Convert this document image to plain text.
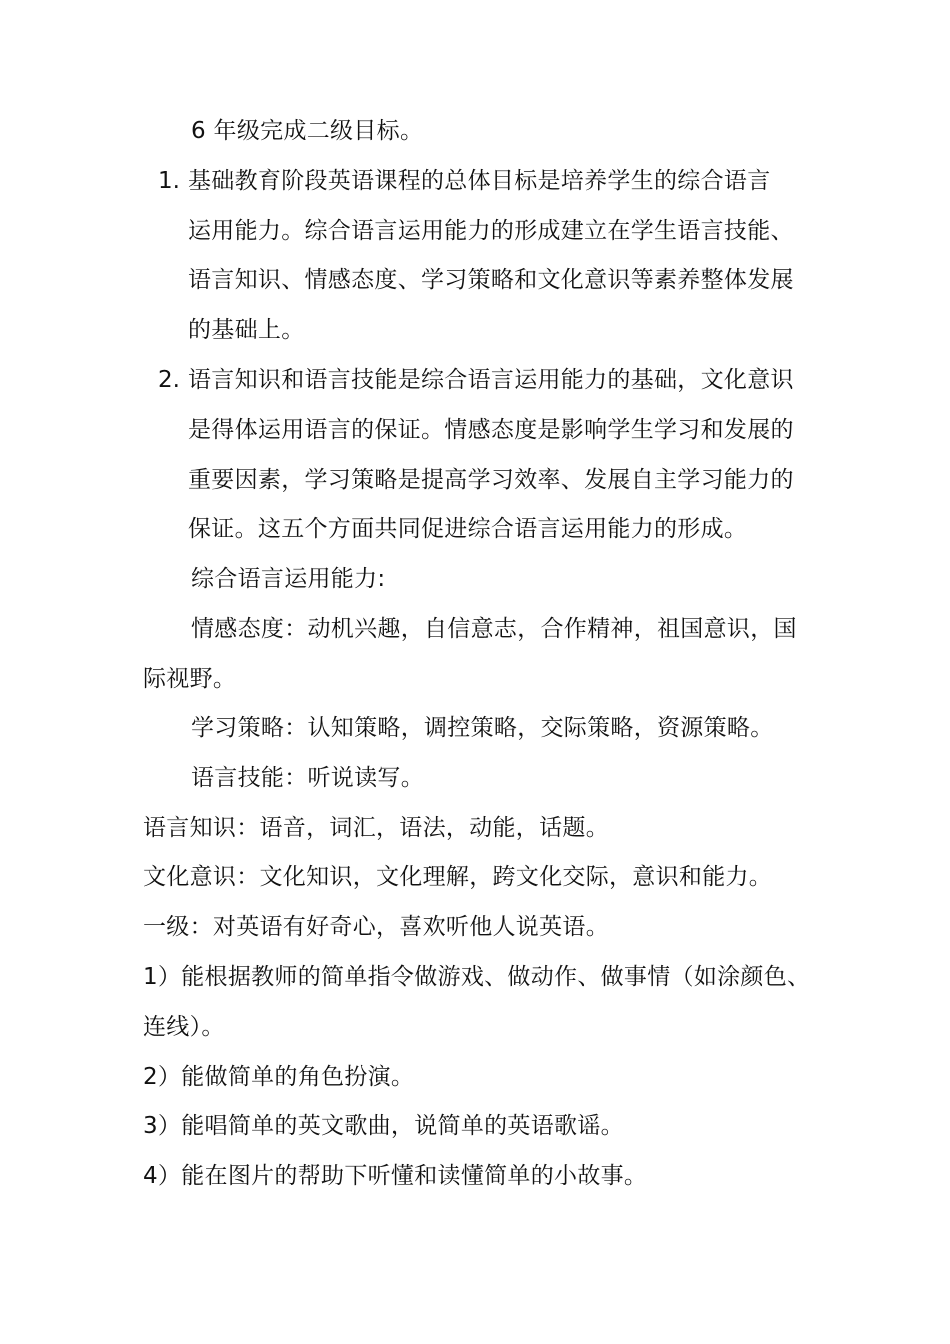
6 年级完成二级目标。
1. 基础教育阶段英语课程的总体目标是培养学生的综合语言
运用能力。综合语言运用能力的形成建立在学生语言技能、
语言知识、情感态度、学习策略和文化意识等素养整体发展
的基础上。
2. 语言知识和语言技能是综合语言运用能力的基础，文化意识
是得体运用语言的保证。情感态度是影响学生学习和发展的
重要因素，学习策略是提高学习效率、发展自主学习能力的
保证。这五个方面共同促进综合语言运用能力的形成。
综合语言运用能力:
情感态度：动机兴趣，自信意志，合作精神，祖国意识，国
际视野。
学习策略：认知策略，调控策略，交际策略，资源策略。
语言技能：听说读写。
语言知识：语音，词汇，语法，动能，话题。
文化意识：文化知识，文化理解，跨文化交际，意识和能力。
一级：对英语有好奇心，喜欢听他人说英语。
1）能根据教师的简单指令做游戏、做动作、做事情（如涂颜色、
连线）。
2）能做简单的角色扮演。
3）能唱简单的英文歌曲，说简单的英语歌谣。
4）能在图片的帮助下听懂和读懂简单的小故事。
